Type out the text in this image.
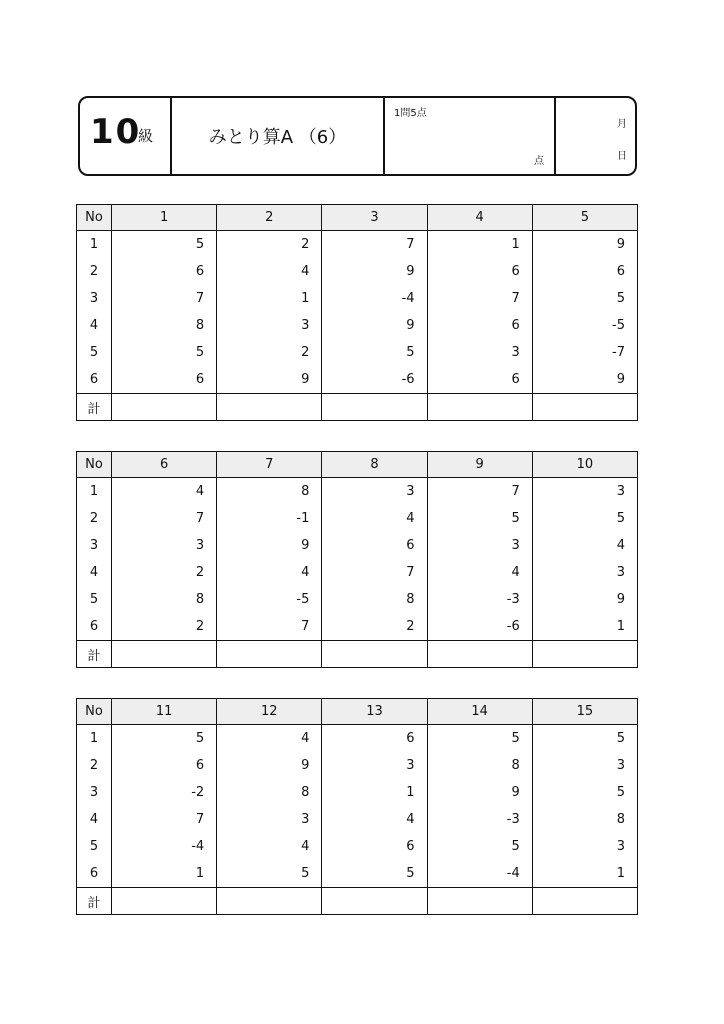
10
級	みとり算A （6）
1問5点
点
月
日
No	1	2	3	4	5
1	5	2	7	1	9
2	6	4	9	6	6
3	7	1	-4	7	5
4	8	3	9	6	-5
5	5	2	5	3	-7
6	6	9	-6	6	9
計					
No	6	7	8	9	10
1	4	8	3	7	3
2	7	-1	4	5	5
3	3	9	6	3	4
4	2	4	7	4	3
5	8	-5	8	-3	9
6	2	7	2	-6	1
計					
No	11	12	13	14	15
1	5	4	6	5	5
2	6	9	3	8	3
3	-2	8	1	9	5
4	7	3	4	-3	8
5	-4	4	6	5	3
6	1	5	5	-4	1
計					
